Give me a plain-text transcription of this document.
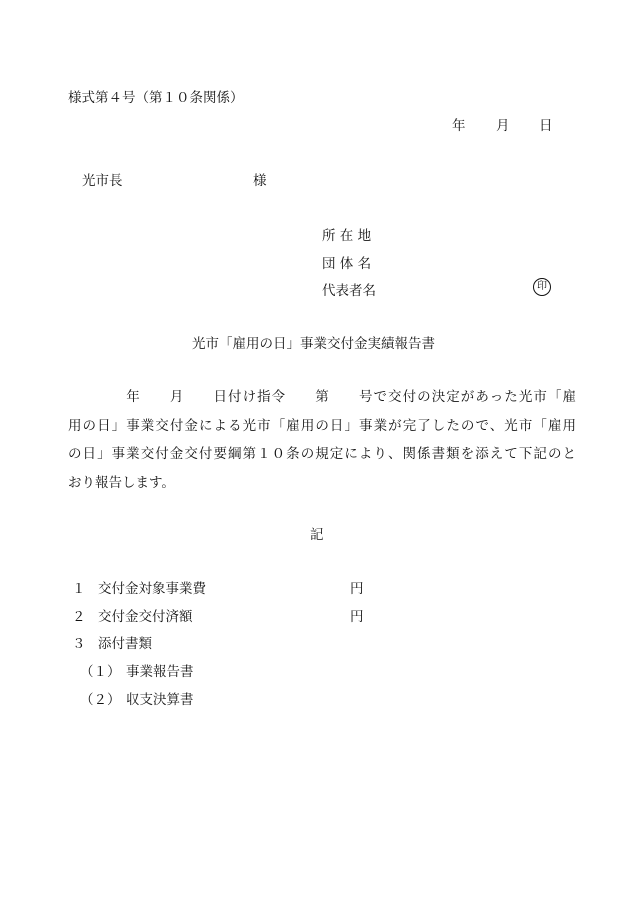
様式第４号（第１０条関係）

年 月 日
光市長	様
所 在 地
団 体 名
代表者名	印
光市「雇用の日」事業交付金実績報告書
　　　　年　　月　　日付け指令　　第　　号で交付の決定があった光市「雇
用の日」事業交付金による光市「雇用の日」事業が完了したので、光市「雇用
の日」事業交付金交付要綱第１０条の規定により、関係書類を添えて下記のと
おり報告します。
記
１ 交付金対象事業費	円
２ 交付金交付済額	円
３ 添付書類
（１） 事業報告書
（２） 収支決算書
